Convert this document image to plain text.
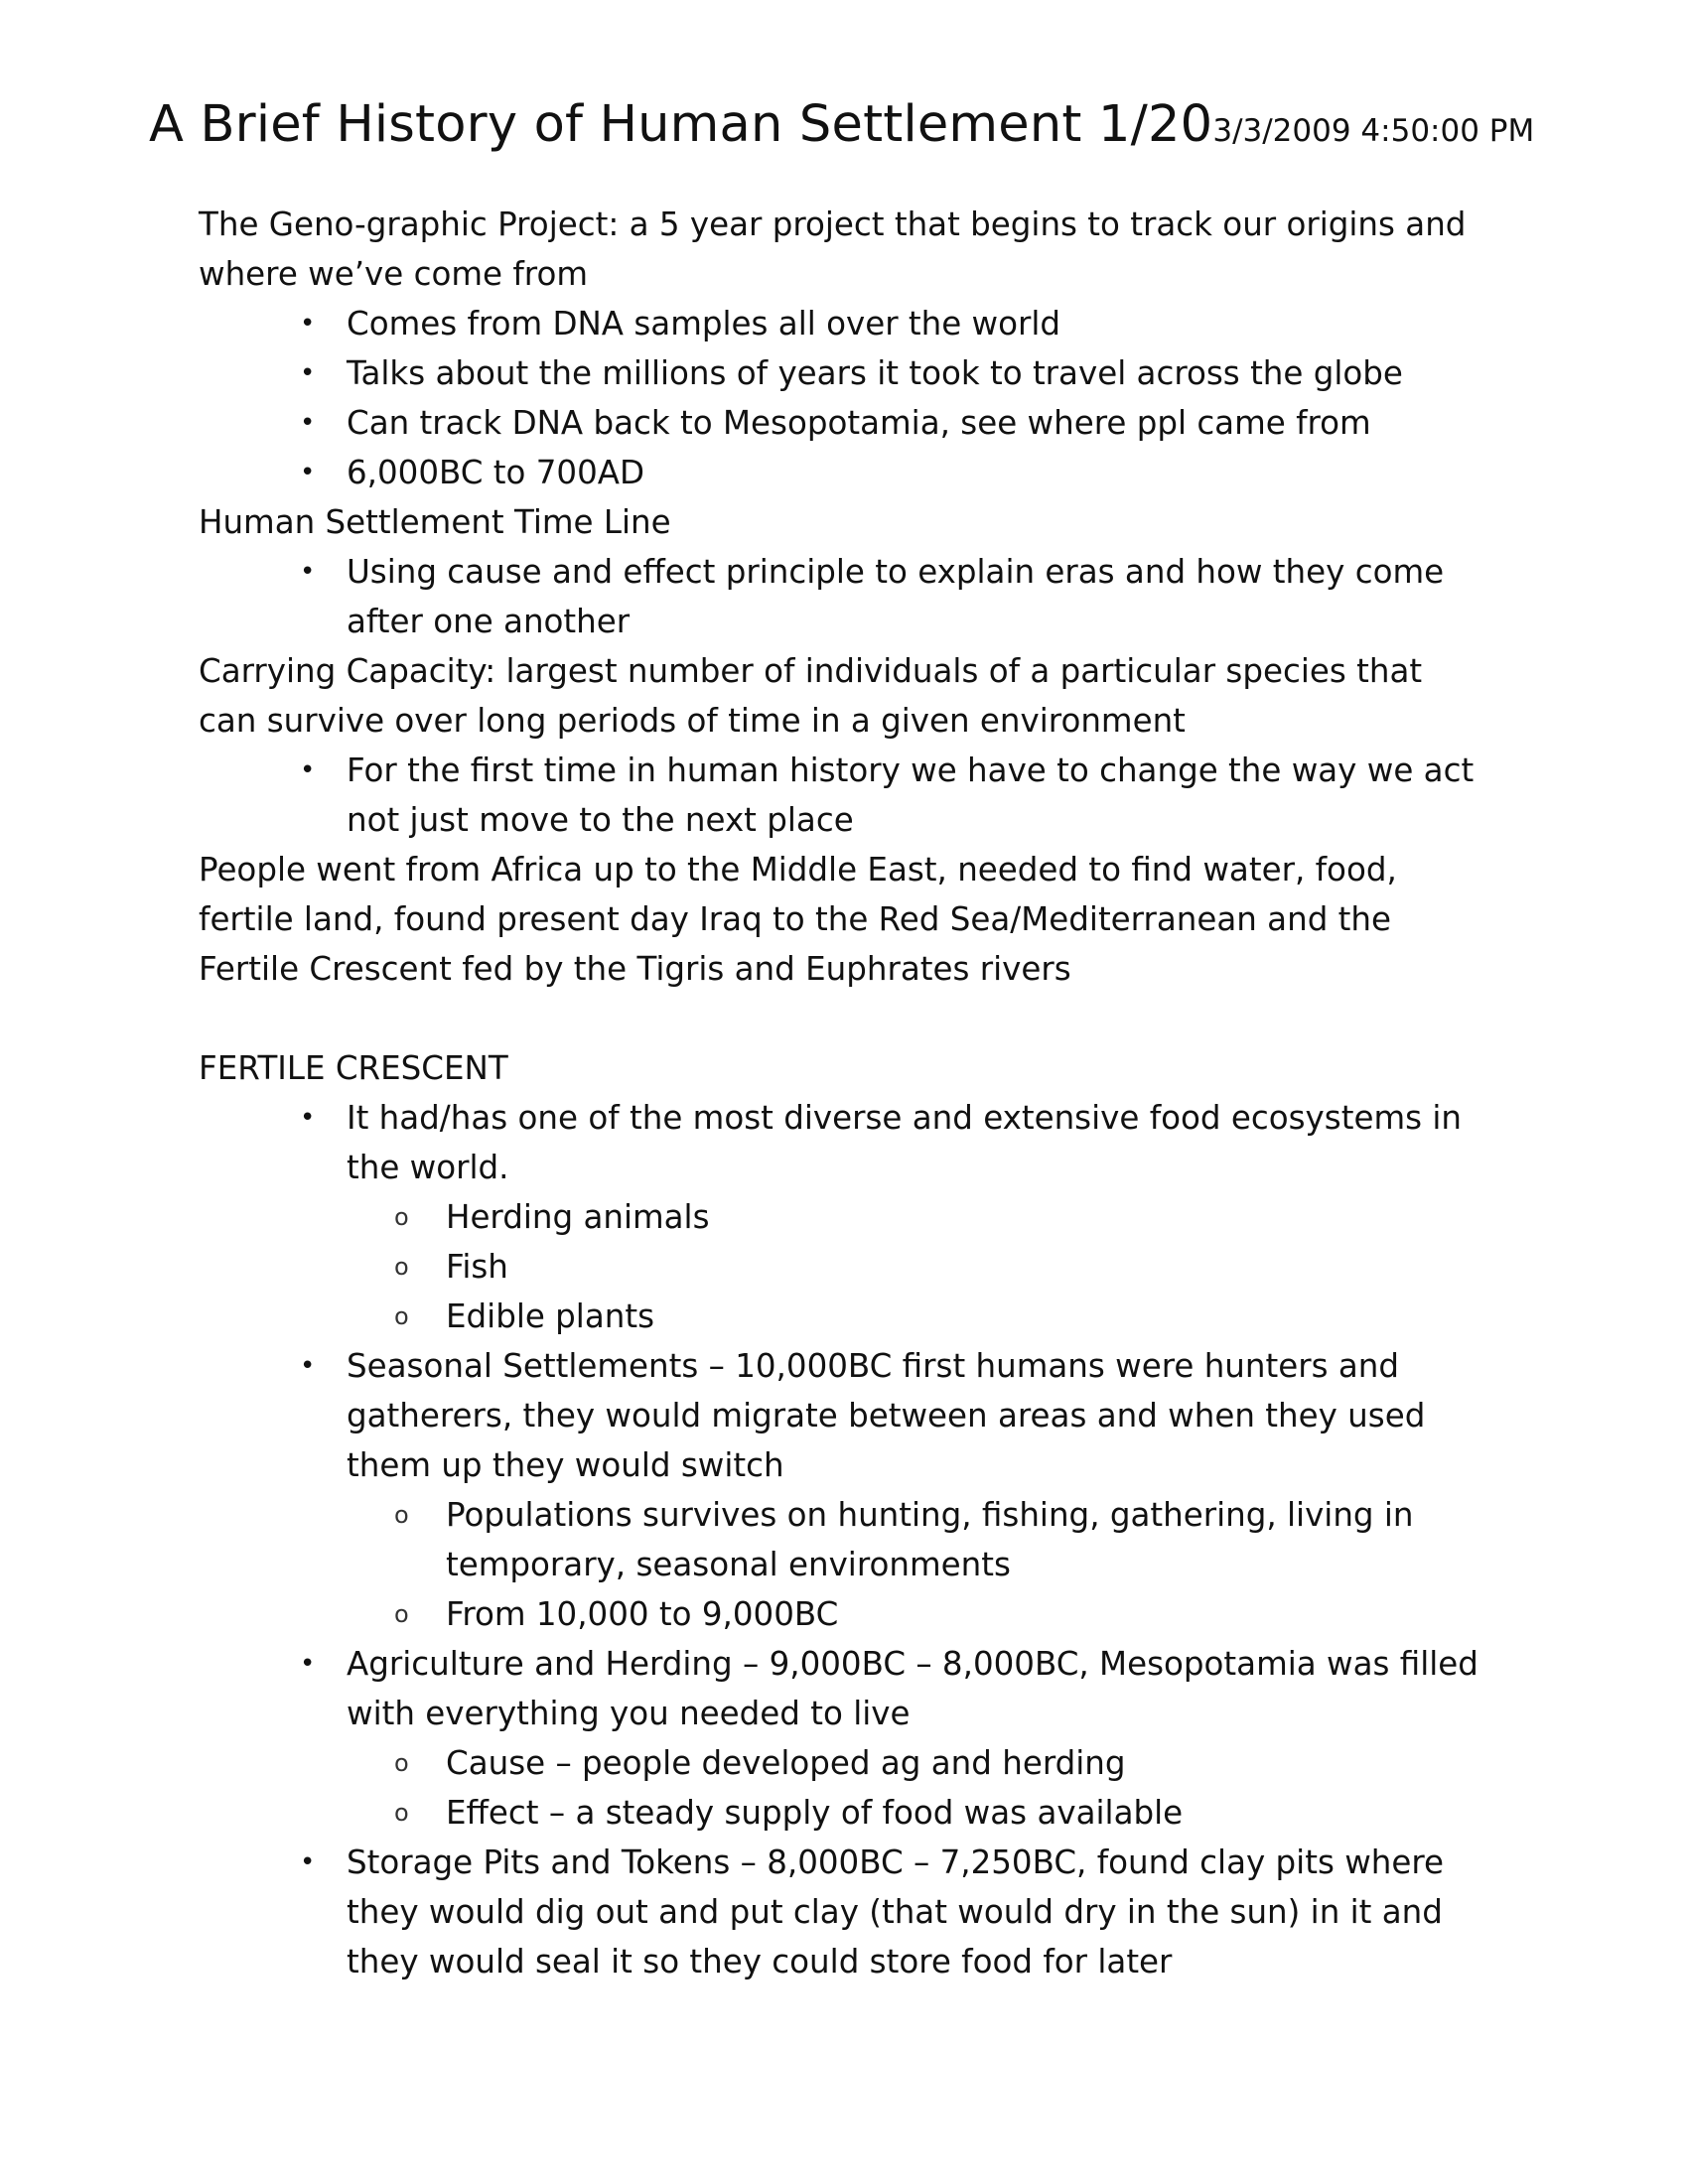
A Brief History of Human Settlement 1/203/3/2009 4:50:00 PM

The Geno-graphic Project: a 5 year project that begins to track our origins and where we’ve come from

• Comes from DNA samples all over the world
• Talks about the millions of years it took to travel across the globe
• Can track DNA back to Mesopotamia, see where ppl came from
• 6,000BC to 700AD

Human Settlement Time Line

• Using cause and effect principle to explain eras and how they come after one another

Carrying Capacity: largest number of individuals of a particular species that can survive over long periods of time in a given environment

• For the first time in human history we have to change the way we act not just move to the next place

People went from Africa up to the Middle East, needed to find water, food, fertile land, found present day Iraq to the Red Sea/Mediterranean and the Fertile Crescent fed by the Tigris and Euphrates rivers

FERTILE CRESCENT

• It had/has one of the most diverse and extensive food ecosystems in the world.
o Herding animals
o Fish
o Edible plants
• Seasonal Settlements – 10,000BC first humans were hunters and gatherers, they would migrate between areas and when they used them up they would switch
o Populations survives on hunting, fishing, gathering, living in temporary, seasonal environments
o From 10,000 to 9,000BC
• Agriculture and Herding – 9,000BC – 8,000BC, Mesopotamia was filled with everything you needed to live
o Cause – people developed ag and herding
o Effect – a steady supply of food was available
• Storage Pits and Tokens – 8,000BC – 7,250BC, found clay pits where they would dig out and put clay (that would dry in the sun) in it and they would seal it so they could store food for later
